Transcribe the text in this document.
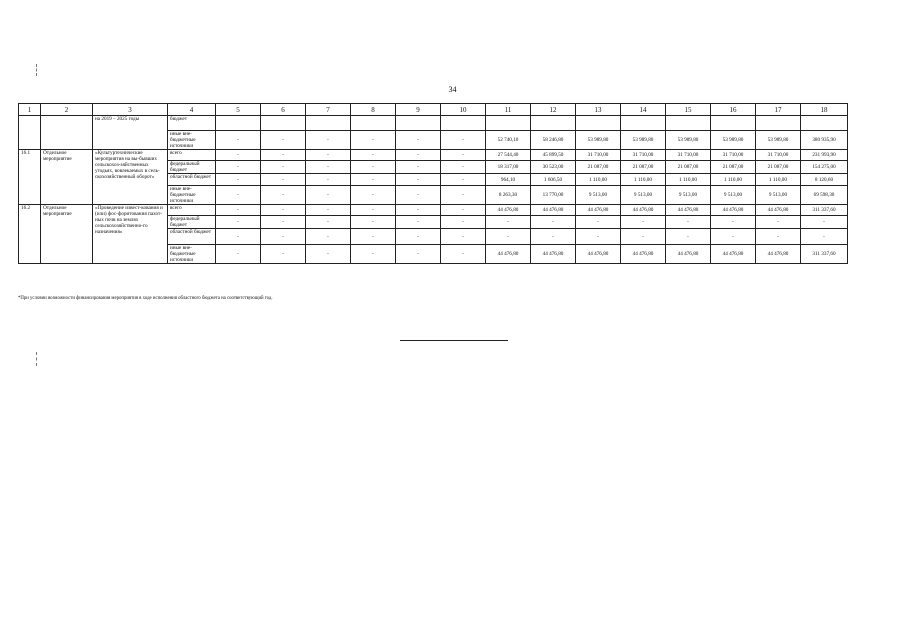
34
1	2	3	4	5	6	7	8	9	10	11	12	13	14	15	16	17	18
		на 2019 – 2025 годы	бюджет														
			иные вне-бюджетные источники	-	-	-	-	-	-	52 740,10	58 246,80	53 989,80	53 989,80	53 989,80	53 989,80	53 989,80	380 935,90
16.1	Отдельное мероприятие	«Культуртехнические мероприятия на вы-бывших сельскохоз-зяйственных угодьях, вовлекаемых в сель-скохозяйственный оборот»	всего	-	-	-	-	-	-	27 544,40	45 899,50	31 710,00	31 710,00	31 710,00	31 710,00	31 710,00	231 993,90
			федеральный бюджет	-	-	-	-	-	-	18 317,00	30 523,00	21 087,00	21 087,00	21 087,00	21 087,00	21 087,00	154 275,00
			областной бюджет	-	-	-	-	-	-	964,10	1 606,50	1 110,00	1 110,00	1 110,00	1 110,00	1 110,00	8 120,60
			иные вне-бюджетные источники	-	-	-	-	-	-	8 263,30	13 770,00	9 513,00	9 513,00	9 513,00	9 513,00	9 513,00	69 598,30
16.2	Отдельное мероприятие	«Проведение извест-кования и (или) фос-форитования пахот-ных почв на землях сельскохозяйственно-го назначения»	всего	-	-	-	-	-	-	44 476,80	44 476,80	44 476,80	44 476,80	44 476,80	44 476,80	44 476,80	311 337,60
			федеральный бюджет	-	-	-	-	-	-	-	-	-	-	-	-	-	-
			областной бюджет	-	-	-	-	-	-	-	-	-	-	-	-	-	-
			иные вне-бюджетные источники	-	-	-	-	-	-	44 476,80	44 476,80	44 476,80	44 476,80	44 476,80	44 476,80	44 476,80	311 337,60
*При условии возможности финансирования мероприятия в ходе исполнения областного бюджета на соответствующий год.
